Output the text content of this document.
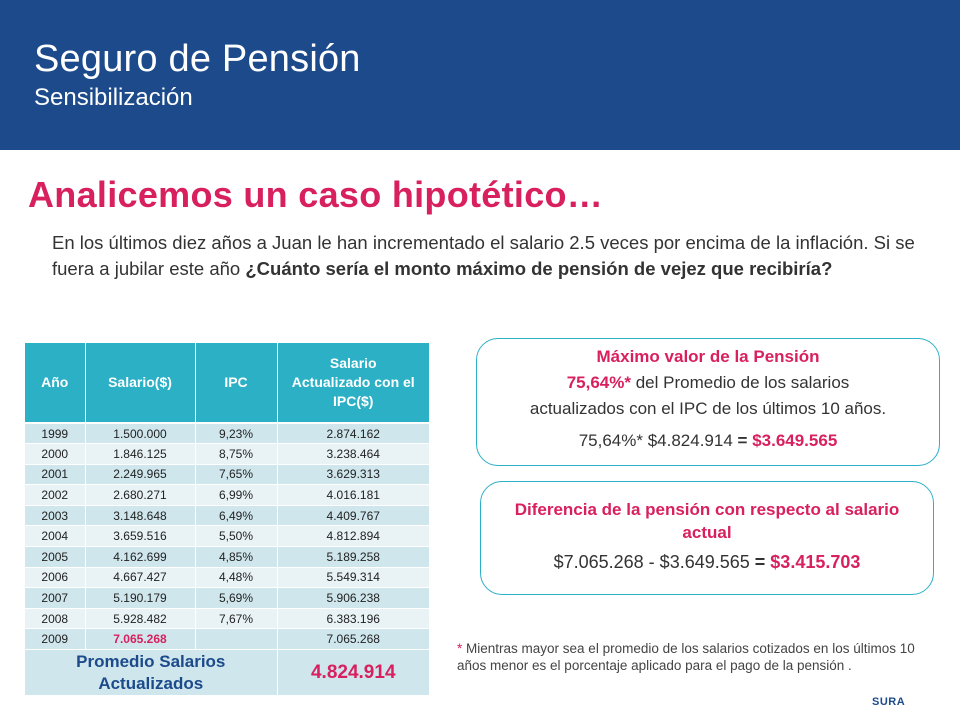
Seguro de Pensión
Sensibilización
Analicemos un caso hipotético…
En los últimos diez años a Juan le han incrementado el salario 2.5 veces por encima de la inflación. Si se fuera a jubilar este año ¿Cuánto sería el monto máximo de pensión de vejez que recibiría?
Año	Salario($)	IPC	Salario Actualizado con el IPC($)
1999	1.500.000	9,23%	2.874.162
2000	1.846.125	8,75%	3.238.464
2001	2.249.965	7,65%	3.629.313
2002	2.680.271	6,99%	4.016.181
2003	3.148.648	6,49%	4.409.767
2004	3.659.516	5,50%	4.812.894
2005	4.162.699	4,85%	5.189.258
2006	4.667.427	4,48%	5.549.314
2007	5.190.179	5,69%	5.906.238
2008	5.928.482	7,67%	6.383.196
2009	7.065.268		7.065.268
Promedio Salarios Actualizados			4.824.914
Máximo valor de la Pensión
75,64%* del Promedio de los salarios
actualizados con el IPC de los últimos 10 años.
75,64%* $4.824.914 = $3.649.565
Diferencia de la pensión con respecto al salario actual
$7.065.268 - $3.649.565 = $3.415.703
* Mientras mayor sea el promedio de los salarios cotizados en los últimos 10 años menor es el porcentaje aplicado para el pago de la pensión .
SURA
